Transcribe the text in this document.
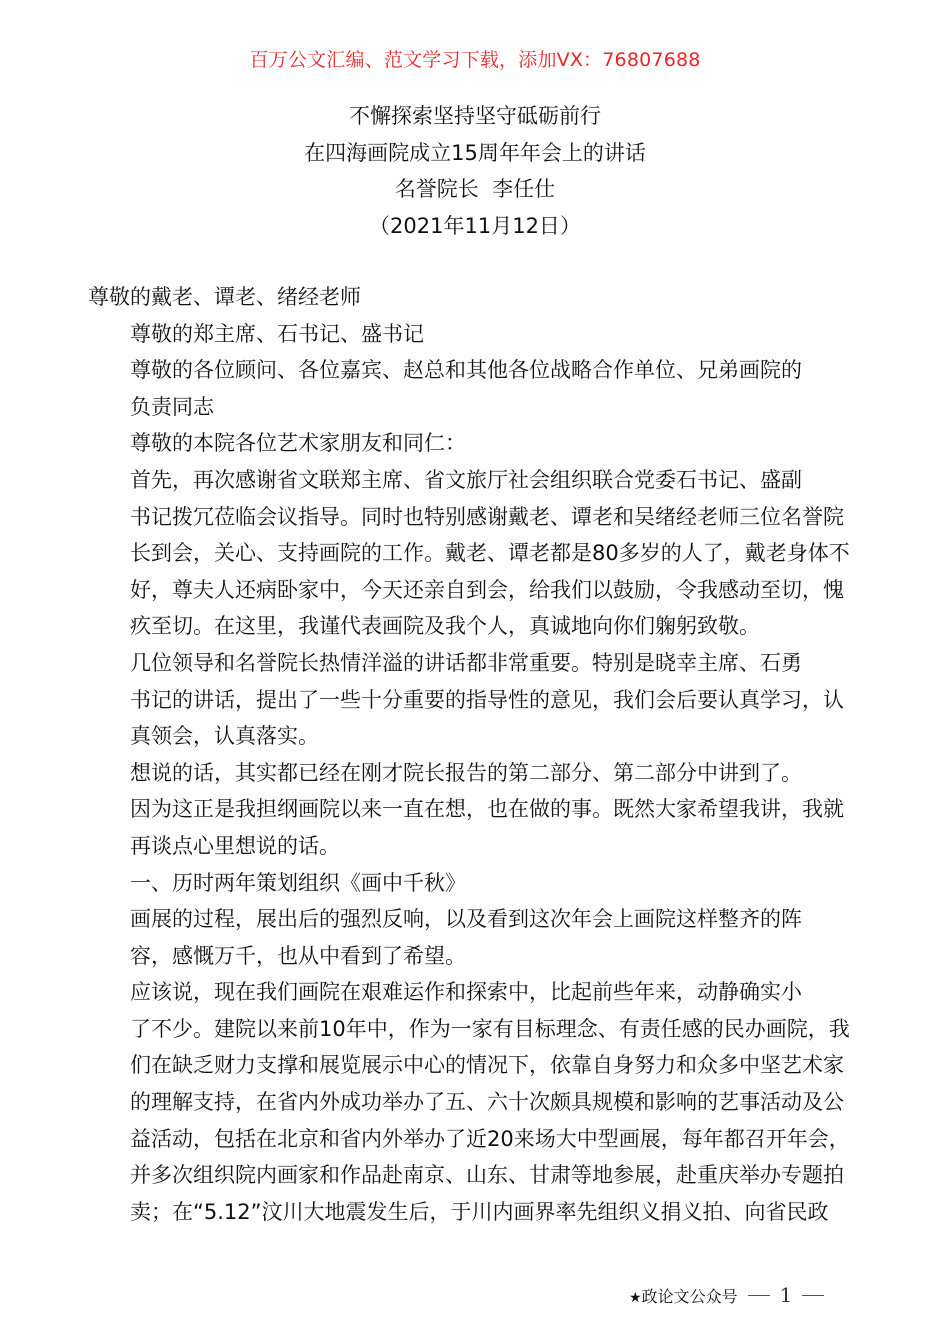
百万公文汇编、范文学习下载，添加VX：76807688
不懈探索坚持坚守砥砺前行
在四海画院成立15周年年会上的讲话
名誉院长  李任仕
（2021年11月12日）

尊敬的戴老、谭老、绪经老师

尊敬的郑主席、石书记、盛书记

尊敬的各位顾问、各位嘉宾、赵总和其他各位战略合作单位、兄弟画院的
负责同志

尊敬的本院各位艺术家朋友和同仁：

首先，再次感谢省文联郑主席、省文旅厅社会组织联合党委石书记、盛副
书记拨冗莅临会议指导。同时也特别感谢戴老、谭老和吴绪经老师三位名誉院
长到会，关心、支持画院的工作。戴老、谭老都是80多岁的人了，戴老身体不
好，尊夫人还病卧家中，今天还亲自到会，给我们以鼓励，令我感动至切，愧
疚至切。在这里，我谨代表画院及我个人，真诚地向你们躹躬致敬。

几位领导和名誉院长热情洋溢的讲话都非常重要。特别是晓幸主席、石勇
书记的讲话，提出了一些十分重要的指导性的意见，我们会后要认真学习，认
真领会，认真落实。

想说的话，其实都已经在刚才院长报告的第二部分、第二部分中讲到了。
因为这正是我担纲画院以来一直在想，也在做的事。既然大家希望我讲，我就
再谈点心里想说的话。

一、历时两年策划组织《画中千秋》

画展的过程，展出后的强烈反响，以及看到这次年会上画院这样整齐的阵
容，感慨万千，也从中看到了希望。

应该说，现在我们画院在艰难运作和探索中，比起前些年来，动静确实小
了不少。建院以来前10年中，作为一家有目标理念、有责任感的民办画院，我
们在缺乏财力支撑和展览展示中心的情况下，依靠自身努力和众多中坚艺术家
的理解支持，在省内外成功举办了五、六十次颇具规模和影响的艺事活动及公
益活动，包括在北京和省内外举办了近20来场大中型画展，每年都召开年会，
并多次组织院内画家和作品赴南京、山东、甘肃等地参展，赴重庆举办专题拍
卖；在“5.12”汶川大地震发生后，于川内画界率先组织义捐义拍、向省民政

★政论文公众号 1
